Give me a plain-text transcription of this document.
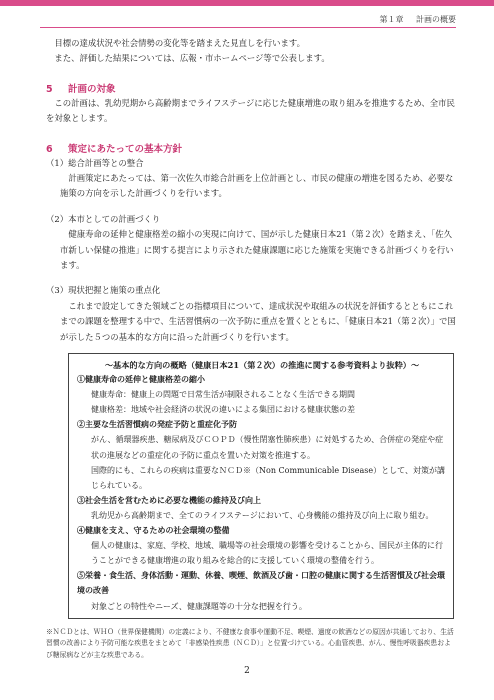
第１章 計画の概要

目標の達成状況や社会情勢の変化等を踏まえた見直しを行います。

また、評価した結果については、広報・市ホームページ等で公表します。

5 計画の対象

この計画は、乳幼児期から高齢期までライフステージに応じた健康増進の取り組みを推進するため、全市民を対象とします。

6 策定にあたっての基本方針
（1）総合計画等との整合

計画策定にあたっては、第一次佐久市総合計画を上位計画とし、市民の健康の増進を図るため、必要な施策の方向を示した計画づくりを行います。

（2）本市としての計画づくり

健康寿命の延伸と健康格差の縮小の実現に向けて、国が示した健康日本21（第２次）を踏まえ、「佐久市新しい保健の推進」に関する提言により示された健康課題に応じた施策を実施できる計画づくりを行います。

（3）現状把握と施策の重点化

これまで設定してきた領域ごとの指標項目について、達成状況や取組みの状況を評価するとともにこれまでの課題を整理する中で、生活習慣病の一次予防に重点を置くとともに、「健康日本21（第２次）」で国が示した５つの基本的な方向に沿った計画づくりを行います。

～基本的な方向の概略（健康日本21（第２次）の推進に関する参考資料より抜粋）～

①健康寿命の延伸と健康格差の縮小

健康寿命：健康上の問題で日常生活が制限されることなく生活できる期間

健康格差：地域や社会経済の状況の違いによる集団における健康状態の差

②主要な生活習慣病の発症予防と重症化予防

がん、循環器疾患、糖尿病及びＣＯＰＤ（慢性閉塞性肺疾患）に対処するため、合併症の発症や症状の進展などの重症化の予防に重点を置いた対策を推進する。

国際的にも、これらの疾病は重要なＮＣＤ※（Non Communicable Disease）として、対策が講じられている。

③社会生活を営むために必要な機能の維持及び向上

乳幼児から高齢期まで、全てのライフステージにおいて、心身機能の維持及び向上に取り組む。

④健康を支え、守るための社会環境の整備

個人の健康は、家庭、学校、地域、職場等の社会環境の影響を受けることから、国民が主体的に行うことができる健康増進の取り組みを総合的に支援していく環境の整備を行う。

⑤栄養・食生活、身体活動・運動、休養、喫煙、飲酒及び歯・口腔の健康に関する生活習慣及び社会環境の改善

対象ごとの特性やニーズ、健康課題等の十分な把握を行う。

※ＮＣＤとは、ＷＨＯ（世界保健機関）の定義により、不健康な食事や運動不足、喫煙、過度の飲酒などの原因が共通しており、生活習慣の改善により予防可能な疾患をまとめて「非感染性疾患（ＮＣＤ）」と位置づけている。心血管疾患、がん、慢性呼吸器疾患および糖尿病などが主な疾患である。

2
